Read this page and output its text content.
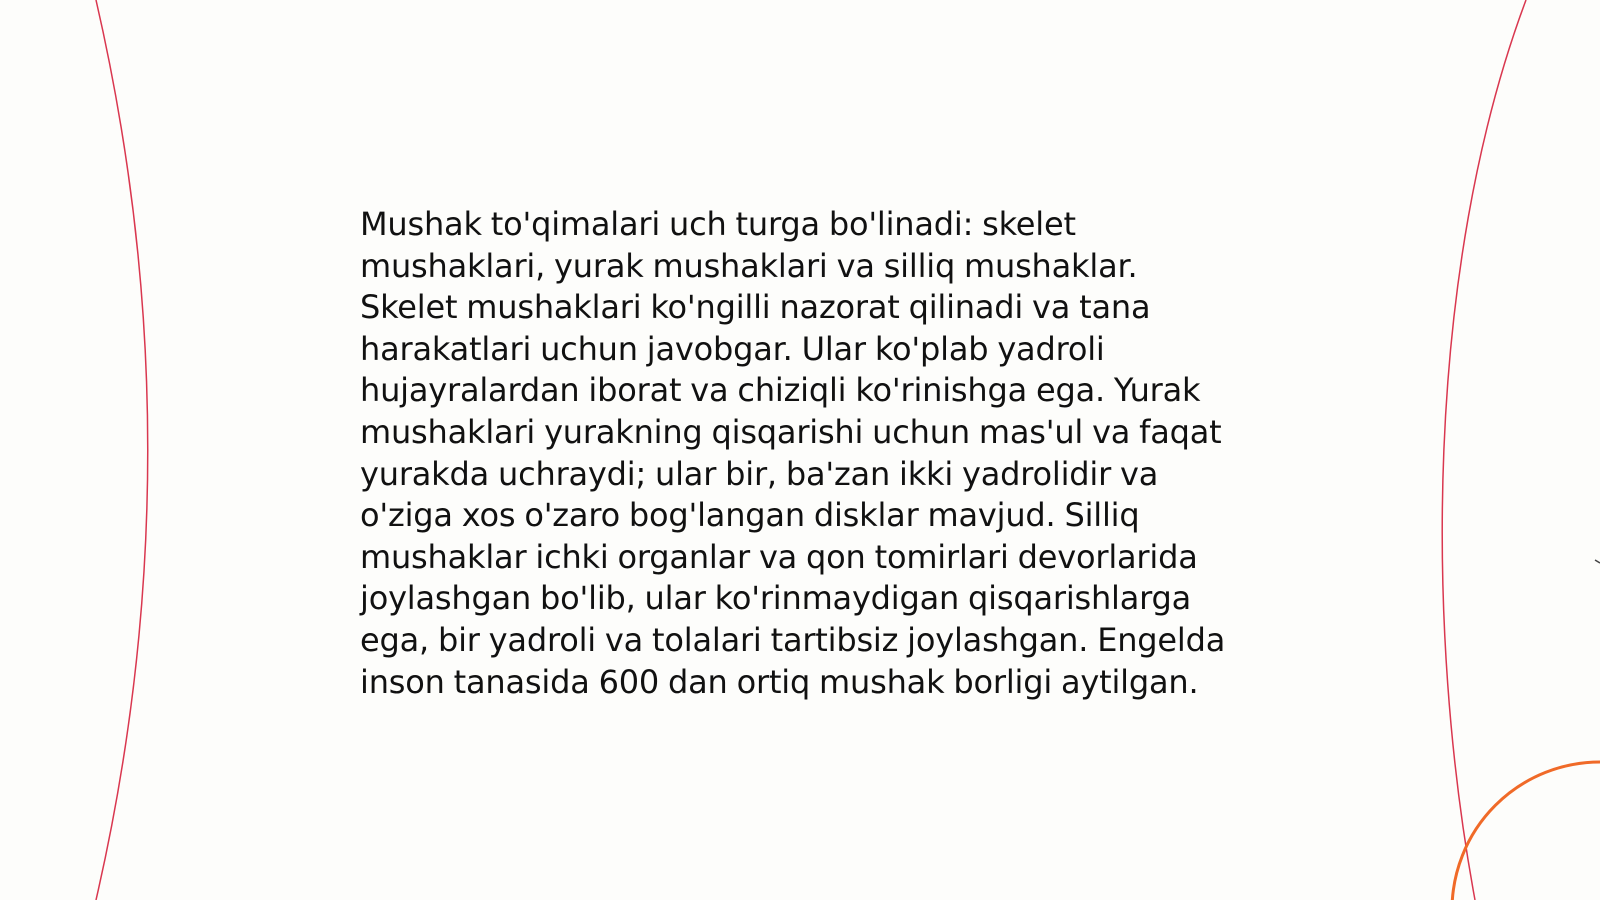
Mushak to'qimalari uch turga bo'linadi: skelet mushaklari, yurak mushaklari va silliq mushaklar. Skelet mushaklari ko'ngilli nazorat qilinadi va tana harakatlari uchun javobgar. Ular ko'plab yadroli hujayralardan iborat va chiziqli ko'rinishga ega. Yurak mushaklari yurakning qisqarishi uchun mas'ul va faqat yurakda uchraydi; ular bir, ba'zan ikki yadrolidir va o'ziga xos o'zaro bog'langan disklar mavjud. Silliq mushaklar ichki organlar va qon tomirlari devorlarida joylashgan bo'lib, ular ko'rinmaydigan qisqarishlarga ega, bir yadroli va tolalari tartibsiz joylashgan. Engelda inson tanasida 600 dan ortiq mushak borligi aytilgan.
